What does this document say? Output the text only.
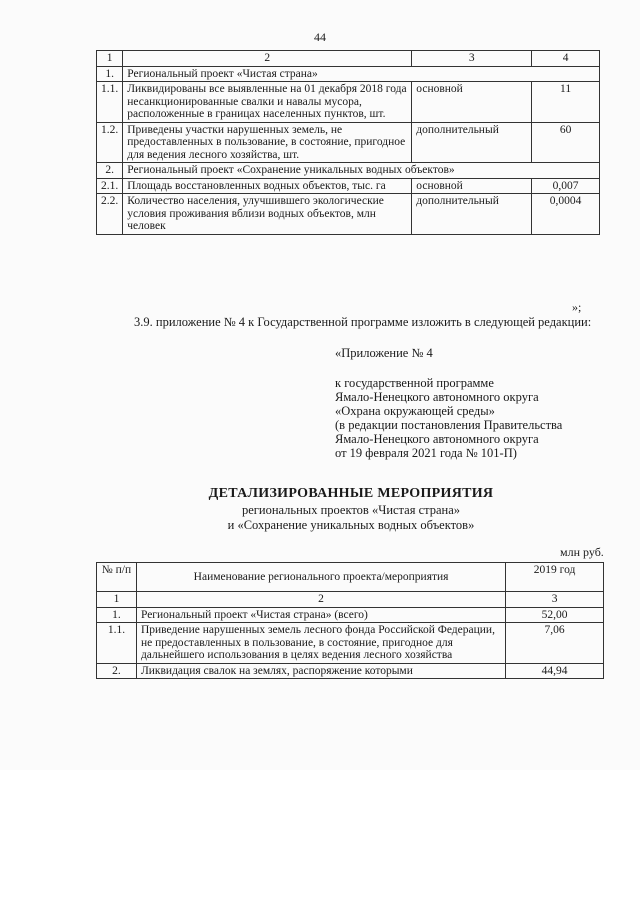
44
1	2	3	4
1.	Региональный проект «Чистая страна»		
1.1.	Ликвидированы все выявленные на 01 декабря 2018 года несанкционированные свалки и навалы мусора, расположенные в границах населенных пунктов, шт.	основной	11
1.2.	Приведены участки нарушенных земель, не предоставленных в пользование, в состояние, пригодное для ведения лесного хозяйства, шт.	дополнительный	60
2.	Региональный проект «Сохранение уникальных водных объектов»		
2.1.	Площадь восстановленных водных объектов, тыс. га	основной	0,007
2.2.	Количество населения, улучшившего экологические условия проживания вблизи водных объектов, млн человек	дополнительный	0,0004
»;
3.9. приложение № 4 к Государственной программе изложить в следующей редакции:
«Приложение № 4
к государственной программе
Ямало-Ненецкого автономного округа
«Охрана окружающей среды»
(в редакции постановления Правительства
Ямало-Ненецкого автономного округа
от 19 февраля 2021 года № 101-П)
ДЕТАЛИЗИРОВАННЫЕ МЕРОПРИЯТИЯ
региональных проектов «Чистая страна»
и «Сохранение уникальных водных объектов»
млн руб.
№ п/п	Наименование регионального проекта/мероприятия	2019 год
1	2	3
1.	Региональный проект «Чистая страна» (всего)	52,00
1.1.	Приведение нарушенных земель лесного фонда Российской Федерации, не предоставленных в пользование, в состояние, пригодное для дальнейшего использования в целях ведения лесного хозяйства	7,06
2.	Ликвидация свалок на землях, распоряжение которыми	44,94
